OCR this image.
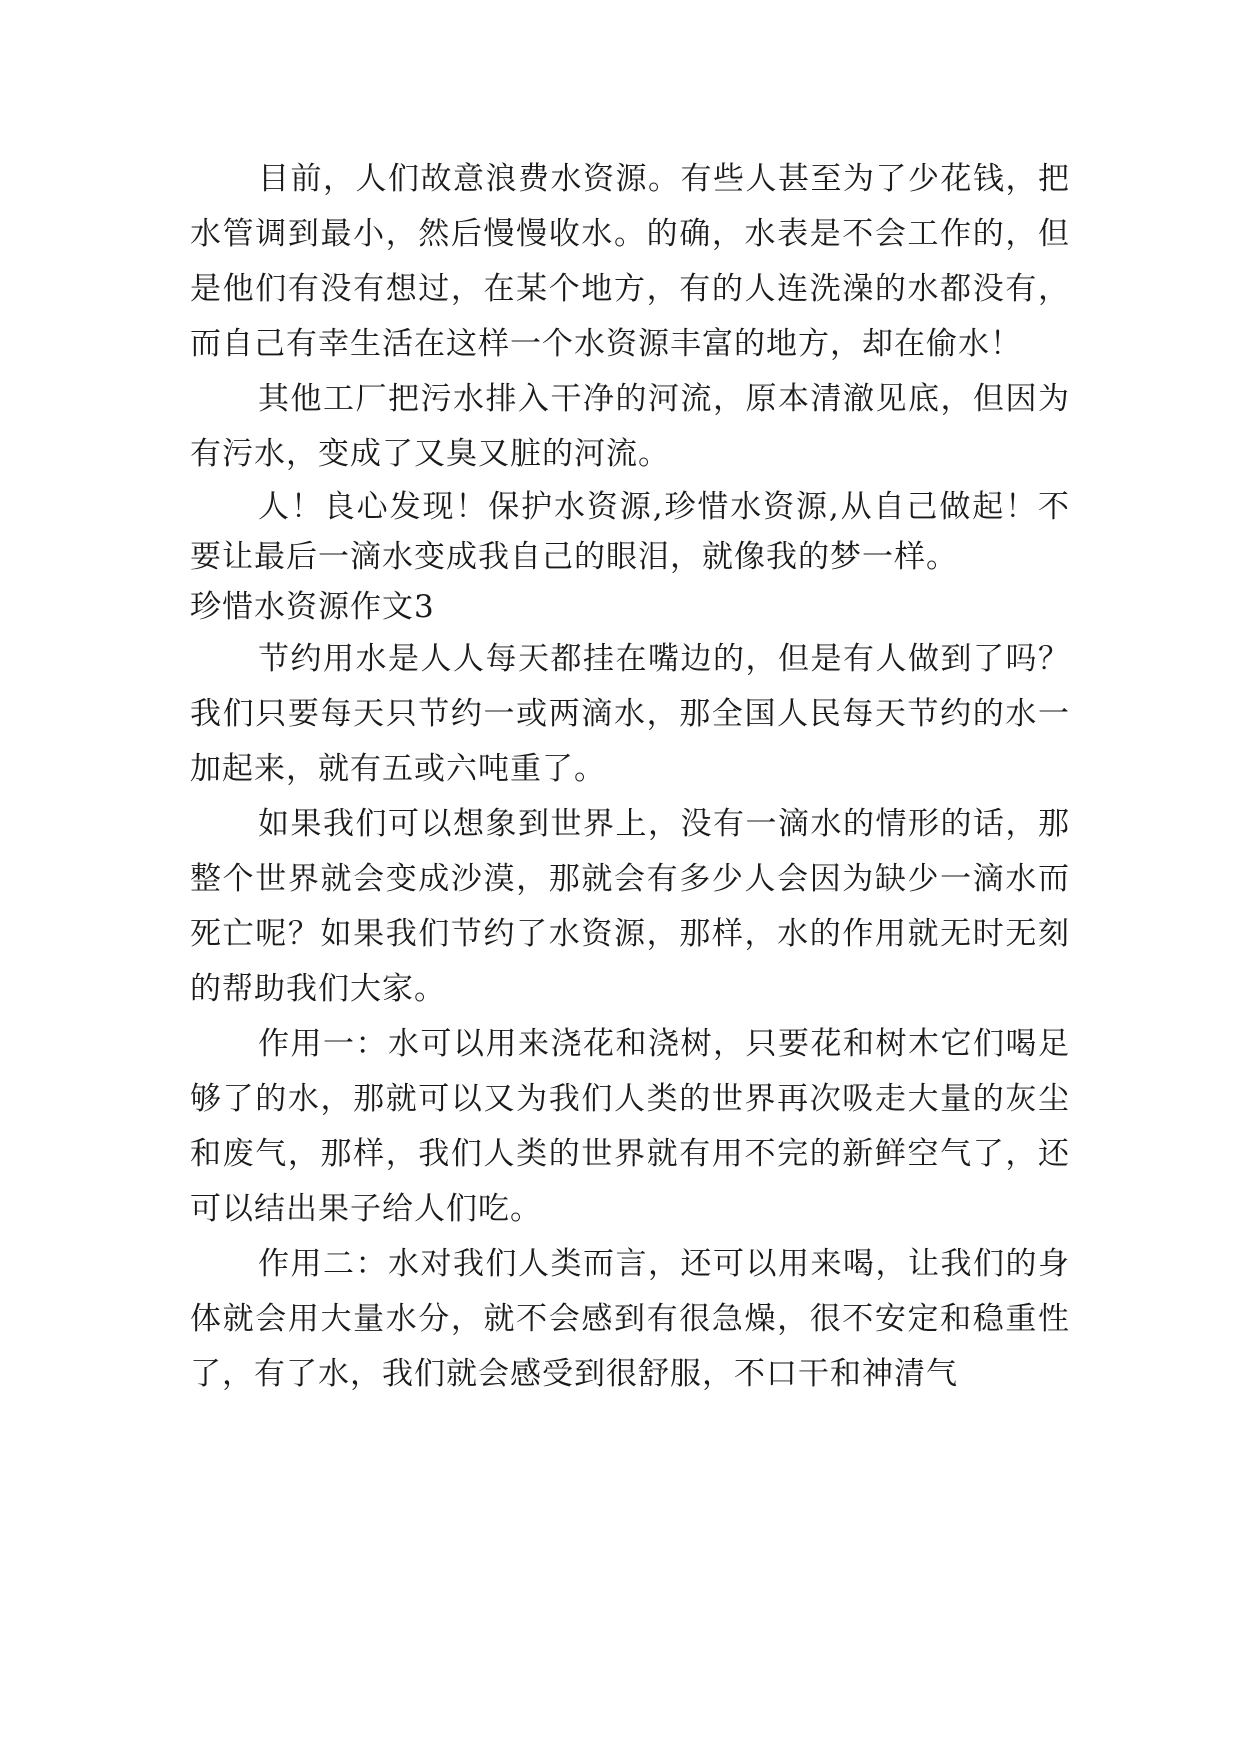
目前，人们故意浪费水资源。有些人甚至为了少花钱，把水管调到最小，然后慢慢收水。的确，水表是不会工作的，但是他们有没有想过，在某个地方，有的人连洗澡的水都没有，而自己有幸生活在这样一个水资源丰富的地方，却在偷水！

其他工厂把污水排入干净的河流，原本清澈见底，但因为有污水，变成了又臭又脏的河流。

人！良心发现！保护水资源,珍惜水资源,从自己做起！不要让最后一滴水变成我自己的眼泪，就像我的梦一样。

珍惜水资源作文3

节约用水是人人每天都挂在嘴边的，但是有人做到了吗？我们只要每天只节约一或两滴水，那全国人民每天节约的水一加起来，就有五或六吨重了。

如果我们可以想象到世界上，没有一滴水的情形的话，那整个世界就会变成沙漠，那就会有多少人会因为缺少一滴水而死亡呢？如果我们节约了水资源，那样，水的作用就无时无刻的帮助我们大家。

作用一：水可以用来浇花和浇树，只要花和树木它们喝足够了的水，那就可以又为我们人类的世界再次吸走大量的灰尘和废气，那样，我们人类的世界就有用不完的新鲜空气了，还可以结出果子给人们吃。

作用二：水对我们人类而言，还可以用来喝，让我们的身体就会用大量水分，就不会感到有很急燥，很不安定和稳重性了，有了水，我们就会感受到很舒服，不口干和神清气
